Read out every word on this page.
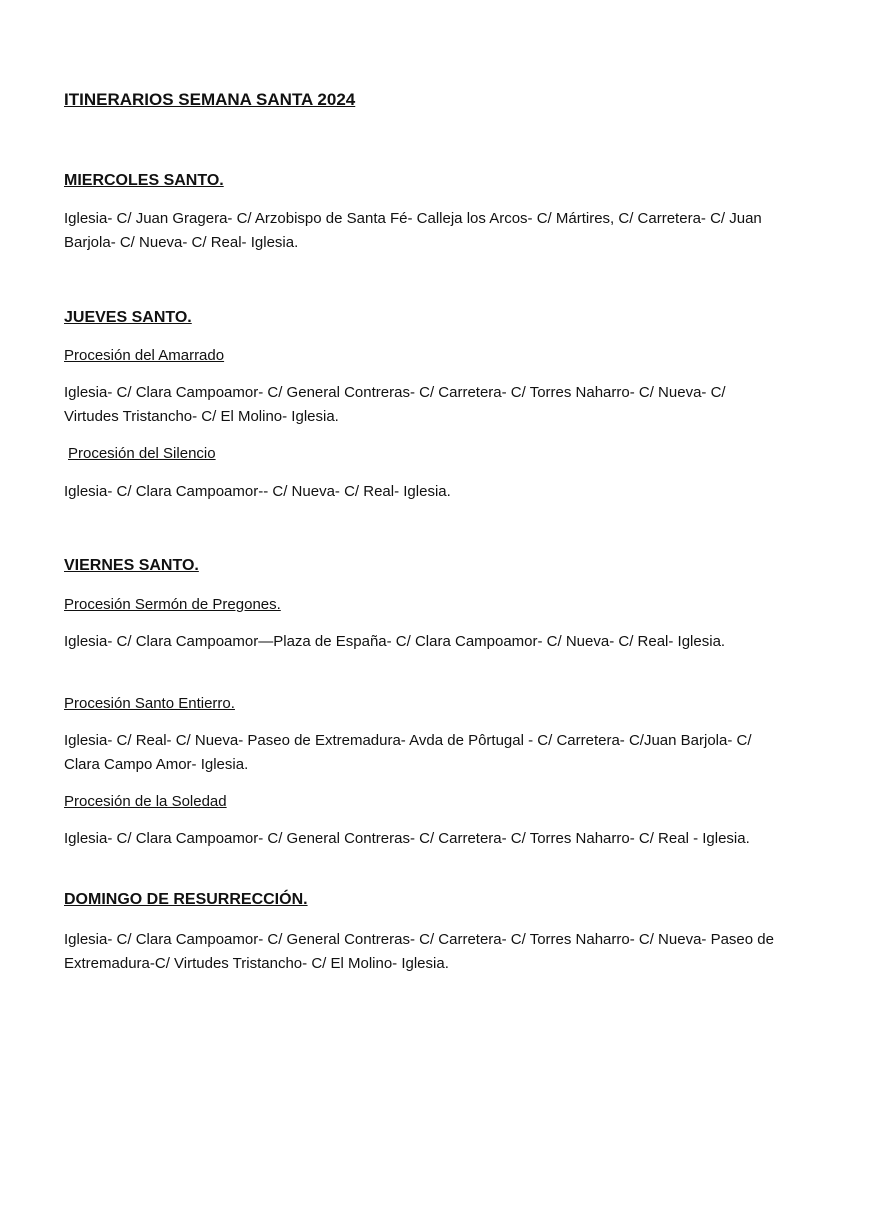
ITINERARIOS SEMANA SANTA 2024
MIERCOLES SANTO.

Iglesia- C/ Juan Gragera- C/ Arzobispo de Santa Fé- Calleja los Arcos- C/ Mártires, C/ Carretera- C/ Juan Barjola- C/ Nueva- C/ Real- Iglesia.

JUEVES SANTO.

Procesión del Amarrado

Iglesia- C/ Clara Campoamor- C/ General Contreras- C/ Carretera- C/ Torres Naharro- C/ Nueva- C/ Virtudes Tristancho- C/ El Molino- Iglesia.

Procesión del Silencio

Iglesia- C/ Clara Campoamor-- C/ Nueva- C/ Real- Iglesia.

VIERNES SANTO.

Procesión Sermón de Pregones.

Iglesia- C/ Clara Campoamor—Plaza de España- C/ Clara Campoamor- C/ Nueva- C/ Real- Iglesia.

Procesión Santo Entierro.

Iglesia- C/ Real- C/ Nueva- Paseo de Extremadura- Avda de Pôrtugal - C/ Carretera- C/Juan Barjola- C/ Clara Campo Amor- Iglesia.

Procesión de la Soledad

Iglesia- C/ Clara Campoamor- C/ General Contreras- C/ Carretera- C/ Torres Naharro- C/ Real - Iglesia.

DOMINGO DE RESURRECCIÓN.

Iglesia- C/ Clara Campoamor- C/ General Contreras- C/ Carretera- C/ Torres Naharro- C/ Nueva- Paseo de Extremadura-C/ Virtudes Tristancho- C/ El Molino- Iglesia.
